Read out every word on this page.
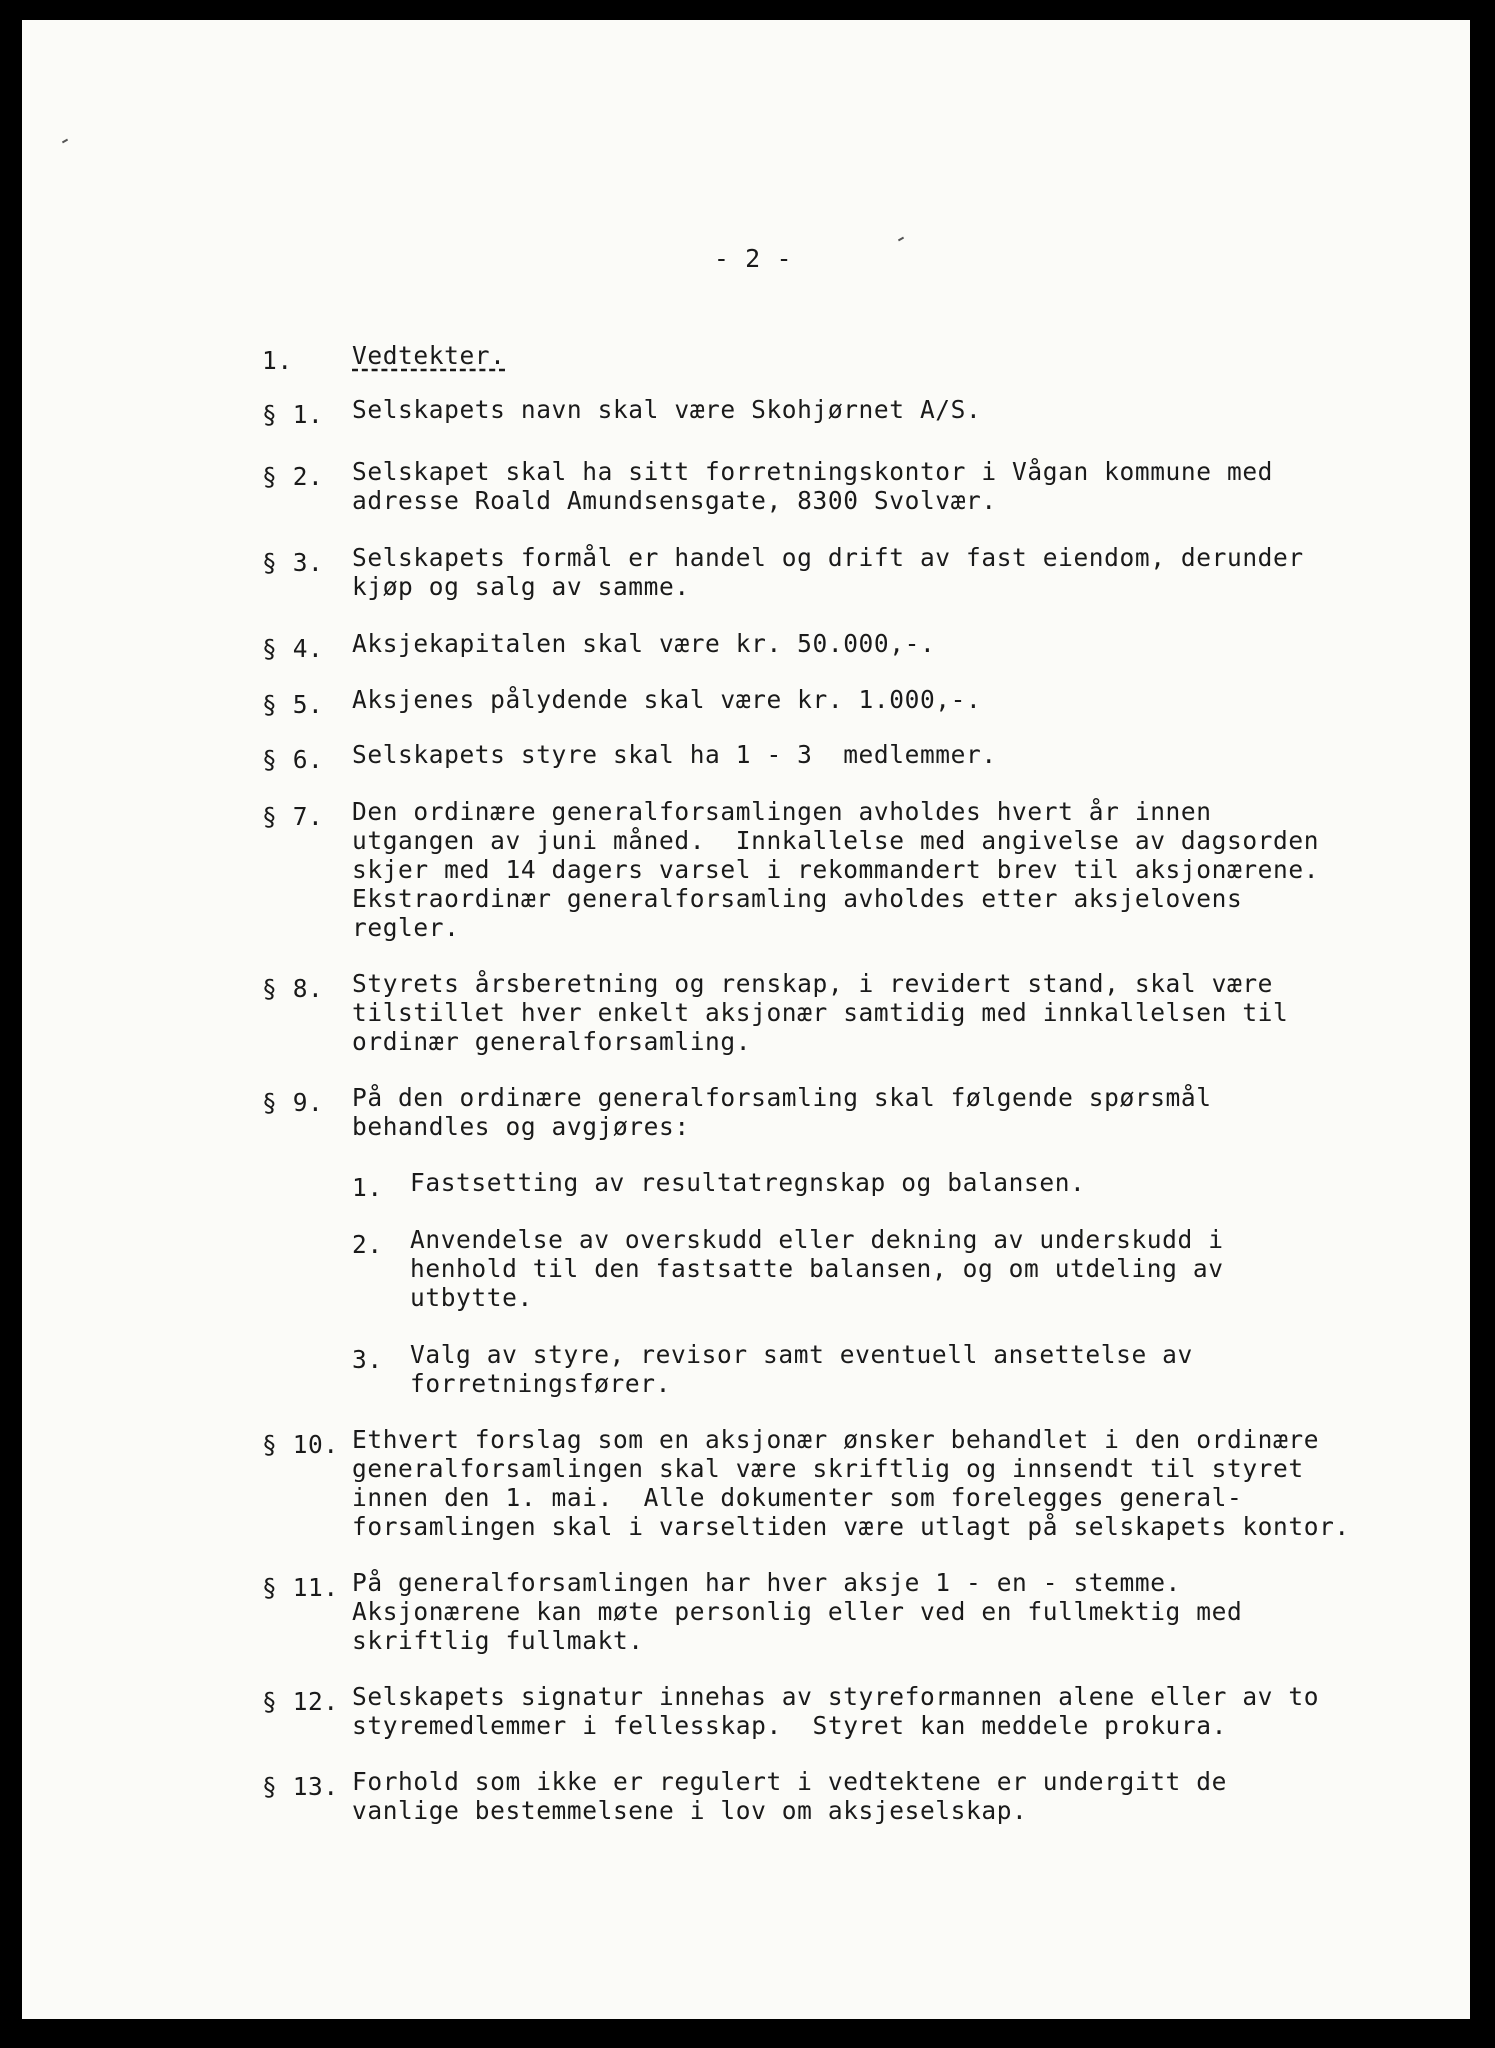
- 2 -
1. Vedtekter.
§ 1. Selskapets navn skal være Skohjørnet A/S.
§ 2. Selskapet skal ha sitt forretningskontor i Vågan kommune med
adresse Roald Amundsensgate, 8300 Svolvær.
§ 3. Selskapets formål er handel og drift av fast eiendom, derunder
kjøp og salg av samme.
§ 4. Aksjekapitalen skal være kr. 50.000,-.
§ 5. Aksjenes pålydende skal være kr. 1.000,-.
§ 6. Selskapets styre skal ha 1 - 3  medlemmer.
§ 7. Den ordinære generalforsamlingen avholdes hvert år innen
utgangen av juni måned.  Innkallelse med angivelse av dagsorden
skjer med 14 dagers varsel i rekommandert brev til aksjonærene.
Ekstraordinær generalforsamling avholdes etter aksjelovens
regler.
§ 8. Styrets årsberetning og renskap, i revidert stand, skal være
tilstillet hver enkelt aksjonær samtidig med innkallelsen til
ordinær generalforsamling.
§ 9. På den ordinære generalforsamling skal følgende spørsmål
behandles og avgjøres:
1. Fastsetting av resultatregnskap og balansen.
2. Anvendelse av overskudd eller dekning av underskudd i
henhold til den fastsatte balansen, og om utdeling av
utbytte.
3. Valg av styre, revisor samt eventuell ansettelse av
forretningsfører.
§ 10. Ethvert forslag som en aksjonær ønsker behandlet i den ordinære
generalforsamlingen skal være skriftlig og innsendt til styret
innen den 1. mai.  Alle dokumenter som forelegges general-
forsamlingen skal i varseltiden være utlagt på selskapets kontor.
§ 11. På generalforsamlingen har hver aksje 1 - en - stemme.
Aksjonærene kan møte personlig eller ved en fullmektig med
skriftlig fullmakt.
§ 12. Selskapets signatur innehas av styreformannen alene eller av to
styremedlemmer i fellesskap.  Styret kan meddele prokura.
§ 13. Forhold som ikke er regulert i vedtektene er undergitt de
vanlige bestemmelsene i lov om aksjeselskap.
